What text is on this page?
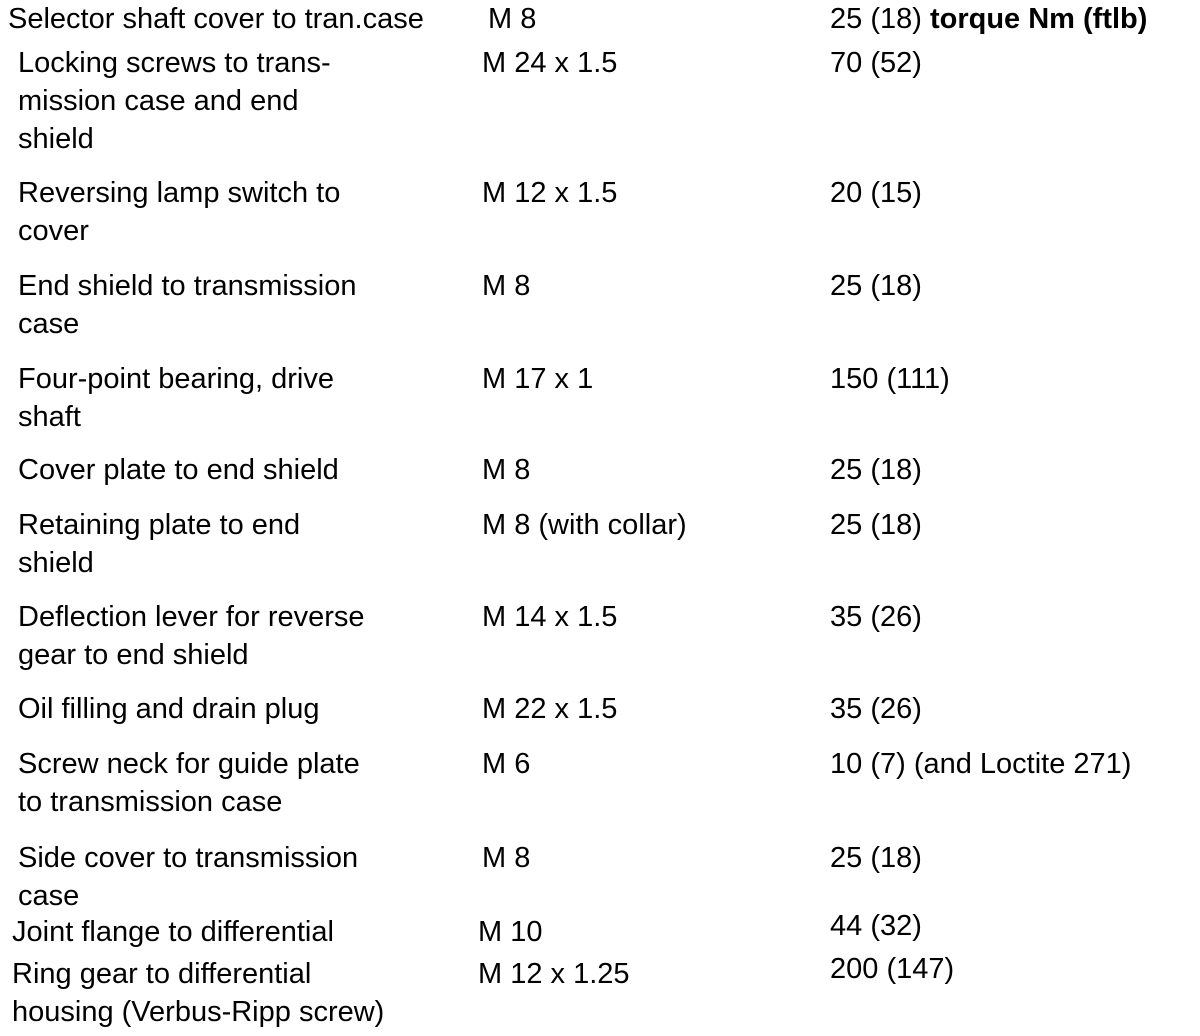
Selector shaft cover to tran.case	M 8	25 (18) torque Nm (ftlb)
Locking screws to trans-
mission case and end
shield
M 24 x 1.5	70 (52)
Reversing lamp switch to
cover
M 12 x 1.5	20 (15)
End shield to transmission
case
M 8	25 (18)
Four-point bearing, drive
shaft
M 17 x 1	150 (111)
Cover plate to end shield	M 8	25 (18)
Retaining plate to end
shield
M 8 (with collar)	25 (18)
Deflection lever for reverse
gear to end shield
M 14 x 1.5	35 (26)
Oil filling and drain plug	M 22 x 1.5	35 (26)
Screw neck for guide plate
to transmission case
M 6	10 (7) (and Loctite 271)
Side cover to transmission
case
M 8	25 (18)
Joint flange to differential	M 10	44 (32)
Ring gear to differential
housing (Verbus-Ripp screw)
M 12 x 1.25	200 (147)
